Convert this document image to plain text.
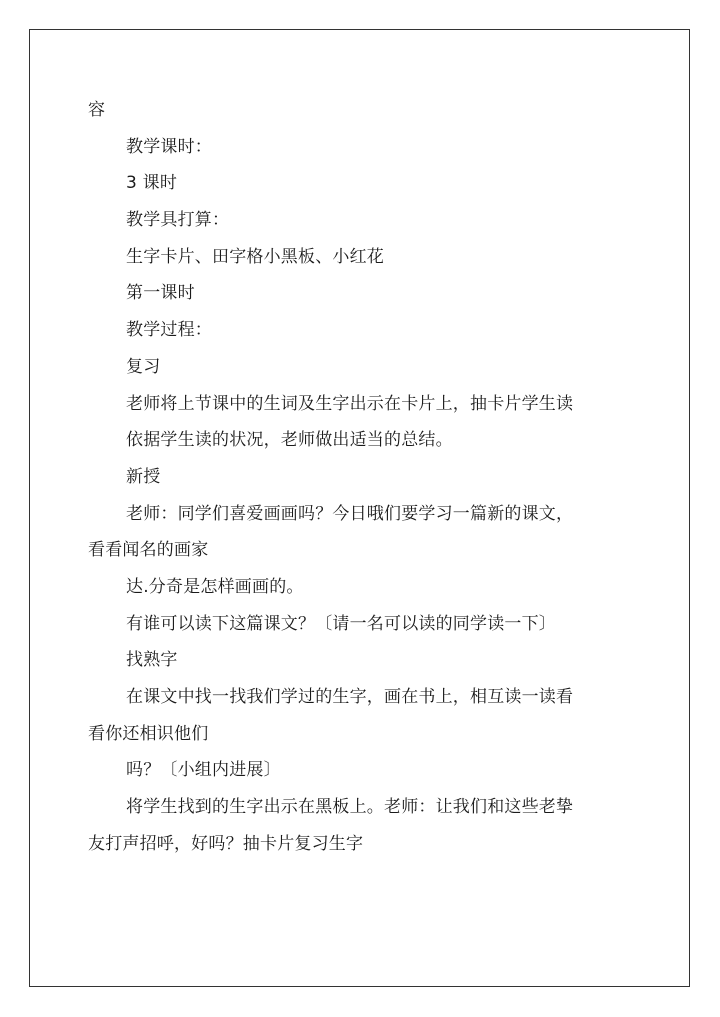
容
教学课时：
3 课时
教学具打算：
生字卡片、田字格小黑板、小红花
第一课时
教学过程：
复习
老师将上节课中的生词及生字出示在卡片上，抽卡片学生读
依据学生读的状况，老师做出适当的总结。
新授
老师：同学们喜爱画画吗？今日哦们要学习一篇新的课文，
看看闻名的画家
达.分奇是怎样画画的。
有谁可以读下这篇课文？〔请一名可以读的同学读一下〕
找熟字
在课文中找一找我们学过的生字，画在书上，相互读一读看
看你还相识他们
吗？〔小组内进展〕
将学生找到的生字出示在黑板上。老师：让我们和这些老挚
友打声招呼，好吗？抽卡片复习生字
